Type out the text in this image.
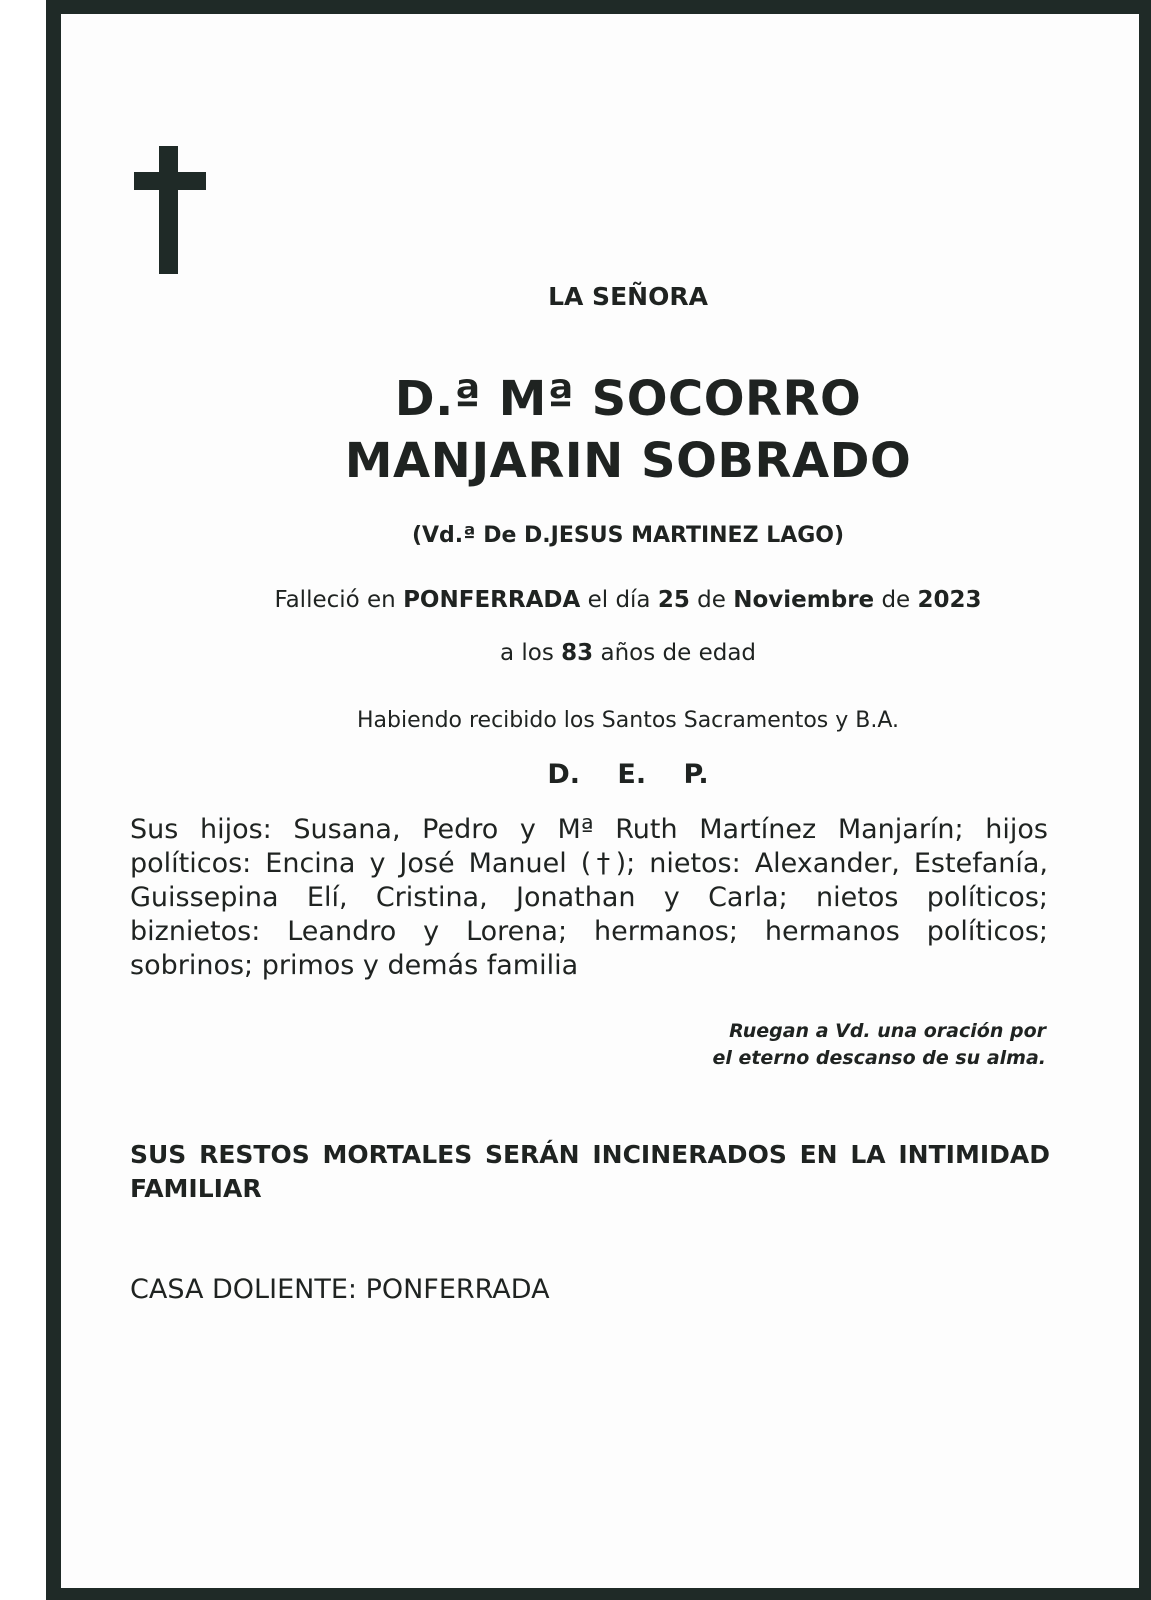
LA SEÑORA
D.ª Mª SOCORRO
MANJARIN SOBRADO
(Vd.ª De D.JESUS MARTINEZ LAGO)
Falleció en PONFERRADA el día 25 de Noviembre de 2023
a los 83 años de edad
Habiendo recibido los Santos Sacramentos y B.A.
D. E. P.
Sus hijos: Susana, Pedro y Mª Ruth Martínez Manjarín; hijos políticos: Encina y José Manuel (†); nietos: Alexander, Estefanía, Guissepina Elí, Cristina, Jonathan y Carla; nietos políticos; biznietos: Leandro y Lorena; hermanos; hermanos políticos; sobrinos; primos y demás familia
Ruegan a Vd. una oración por
el eterno descanso de su alma.
SUS RESTOS MORTALES SERÁN INCINERADOS EN LA INTIMIDAD FAMILIAR
CASA DOLIENTE: PONFERRADA
